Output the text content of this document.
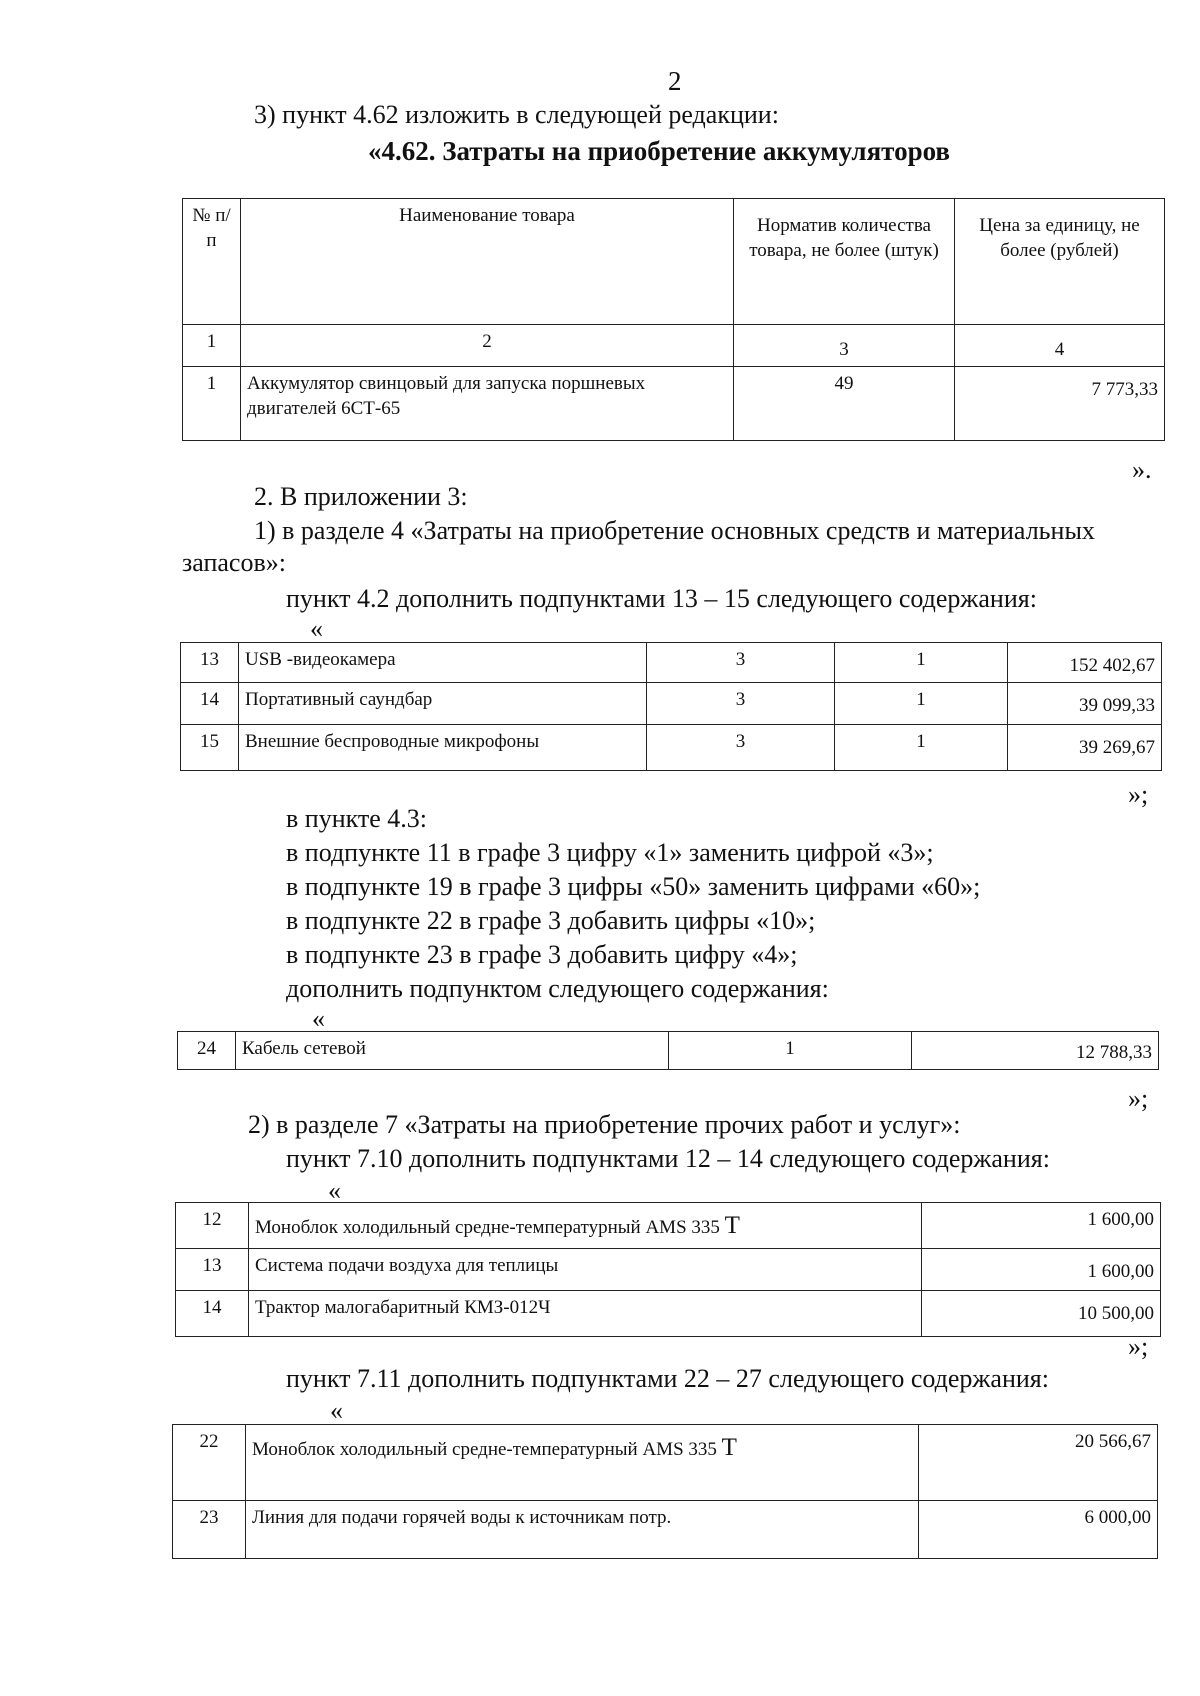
2
3) пункт 4.62 изложить в следующей редакции:
«4.62. Затраты на приобретение аккумуляторов
№ п/п	Наименование товара	Норматив количества товара, не более (штук)	Цена за единицу, не более (рублей)
1	2	3	4
1	Аккумулятор свинцовый для запуска поршневых двигателей 6СТ-65	49	7 773,33
».
2. В приложении 3:
1) в разделе 4 «Затраты на приобретение основных средств и материальных
запасов»:
пункт 4.2 дополнить подпунктами 13 – 15 следующего содержания:
«
13	USB -видеокамера	3	1	152 402,67
14	Портативный саундбар	3	1	39 099,33
15	Внешние беспроводные микрофоны	3	1	39 269,67
»;
в пункте 4.3:
в подпункте 11 в графе 3 цифру «1» заменить цифрой «3»;
в подпункте 19 в графе 3 цифры «50» заменить цифрами «60»;
в подпункте 22 в графе 3 добавить цифры «10»;
в подпункте 23 в графе 3 добавить цифру «4»;
дополнить подпунктом следующего содержания:
«
24	Кабель сетевой	1	12 788,33
»;
2) в разделе 7 «Затраты на приобретение прочих работ и услуг»:
пункт 7.10 дополнить подпунктами 12 – 14 следующего содержания:
«
12	Моноблок холодильный средне-температурный AMS 335 T	1 600,00
13	Система подачи воздуха для теплицы	1 600,00
14	Трактор малогабаритный КМЗ-012Ч	10 500,00
»;
пункт 7.11 дополнить подпунктами 22 – 27 следующего содержания:
«
22	Моноблок холодильный средне-температурный AMS 335 T	20 566,67
23	Линия для подачи горячей воды к источникам потр.	6 000,00
